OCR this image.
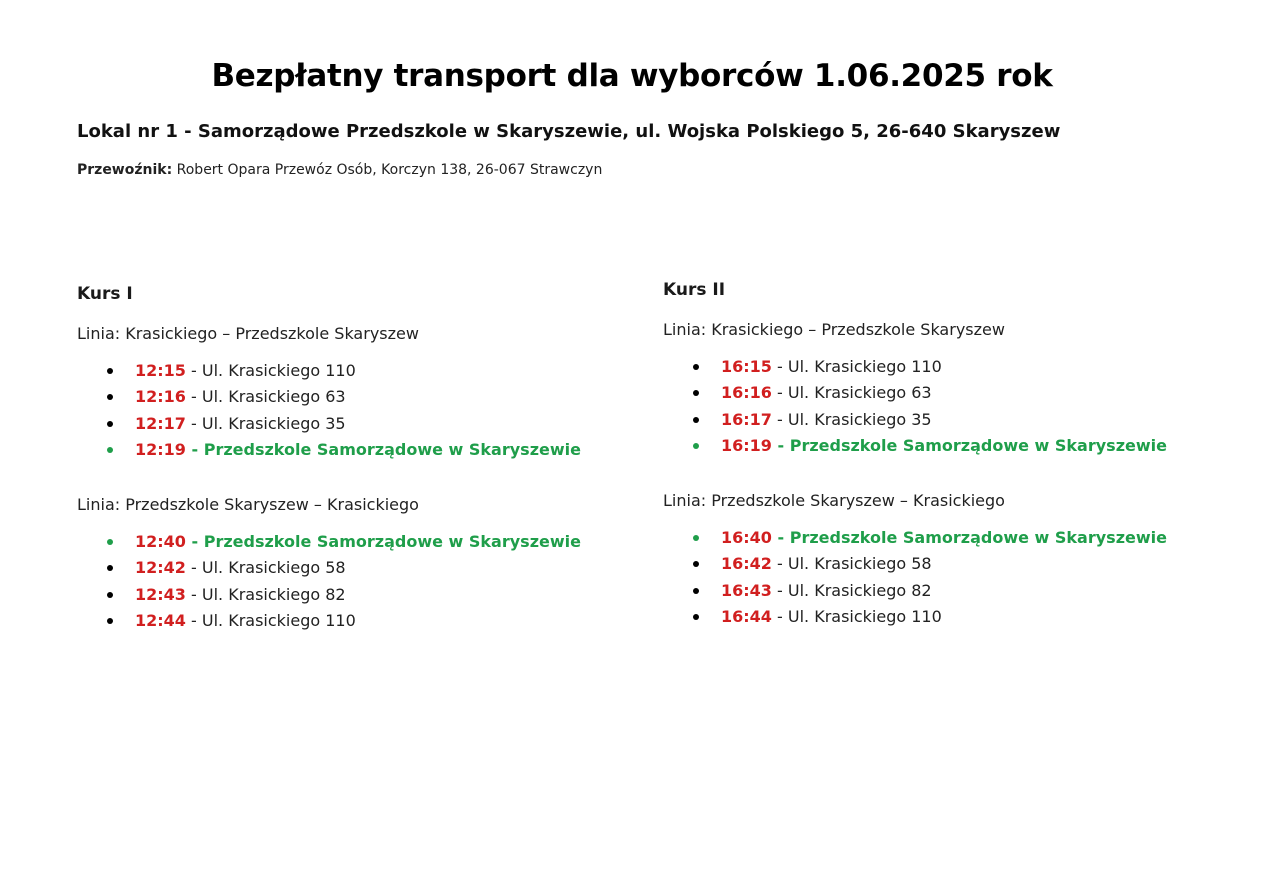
Bezpłatny transport dla wyborców 1.06.2025 rok
Lokal nr 1 - Samorządowe Przedszkole w Skaryszewie, ul. Wojska Polskiego 5, 26-640 Skaryszew
Przewoźnik: Robert Opara Przewóz Osób, Korczyn 138, 26-067 Strawczyn
Kurs I
Linia: Krasickiego – Przedszkole Skaryszew
12:15 - Ul. Krasickiego 110
12:16 - Ul. Krasickiego 63
12:17 - Ul. Krasickiego 35
12:19 - Przedszkole Samorządowe w Skaryszewie
Linia: Przedszkole Skaryszew – Krasickiego
12:40 - Przedszkole Samorządowe w Skaryszewie
12:42 - Ul. Krasickiego 58
12:43 - Ul. Krasickiego 82
12:44 - Ul. Krasickiego 110
Kurs II
Linia: Krasickiego – Przedszkole Skaryszew
16:15 - Ul. Krasickiego 110
16:16 - Ul. Krasickiego 63
16:17 - Ul. Krasickiego 35
16:19 - Przedszkole Samorządowe w Skaryszewie
Linia: Przedszkole Skaryszew – Krasickiego
16:40 - Przedszkole Samorządowe w Skaryszewie
16:42 - Ul. Krasickiego 58
16:43 - Ul. Krasickiego 82
16:44 - Ul. Krasickiego 110
